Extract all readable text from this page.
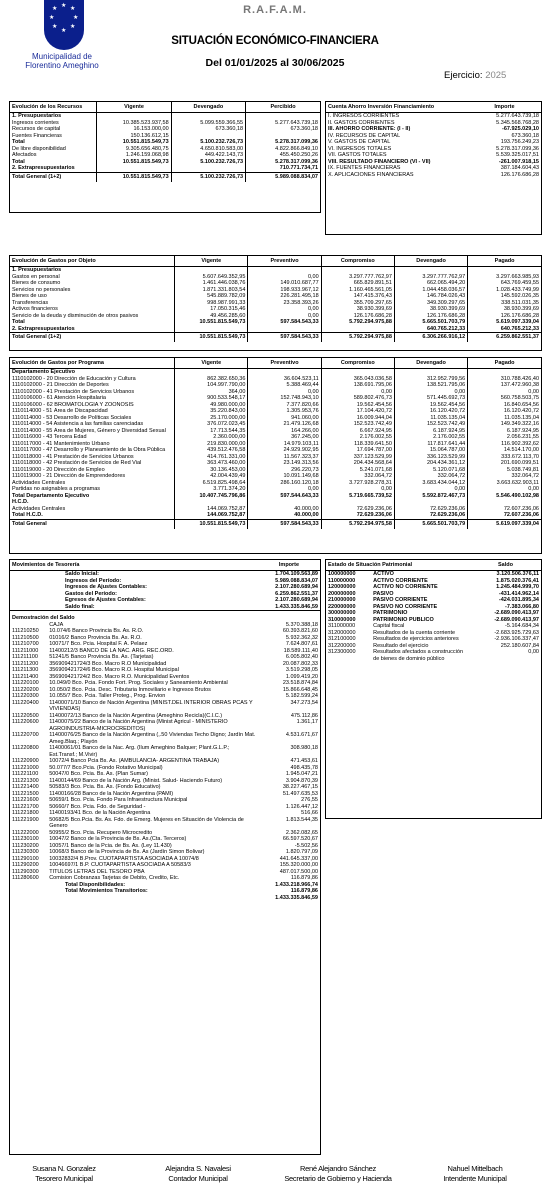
★ ★ ★
★	★
★ ★
★
Municipalidad de
Florentino Ameghino
R.A.F.A.M.
SITUACIÓN ECONÓMICO-FINANCIERA
Del 01/01/2025 al 30/06/2025
Ejercicio: 2025
Evolución de los Recursos	Vigente	Devengado	Percibido
1. Presupuestarios			
Ingresos corrientes	10.385.523.937,58	5.099.559.366,55	5.277.643.739,18
Recursos de capital	16.153.000,00	673.360,18	673.360,18
Fuentes Financieras	150.136.612,15		
Total	10.551.815.549,73	5.100.232.726,73	5.278.317.099,36
De libre disponibilidad	9.305.656.480,75	4.650.810.583,00	4.822.866.849,10
Afectados	1.246.159.068,98	449.422.143,73	455.450.250,26
Total	10.551.815.549,73	5.100.232.726,73	5.278.317.099,36
2. Extrapresupuestarios			710.771.734,71
Total General (1+2)	10.551.815.549,73	5.100.232.726,73	5.989.088.834,07
Cuenta Ahorro Inversión Financiamiento	Importe
I. INGRESOS CORRIENTES	5.277.643.739,18
II. GASTOS CORRIENTES	5.345.568.768,28
III. AHORRO CORRIENTE: (I - II)	-67.925.029,10

IV. RECURSOS DE CAPITAL	673.360,18
V. GASTOS DE CAPITAL	193.756.249,23

VI. INGRESOS TOTALES	5.278.317.099,36
VII. GASTOS TOTALES	5.539.325.017,51

VIII. RESULTADO FINANCIERO (VI - VII)	-261.007.918,15

IX. FUENTES FINANCIERAS	387.184.604,43
X. APLICACIONES FINANCIERAS	126.176.686,28
Evolución de Gastos por Objeto	Vigente	Preventivo	Compromiso	Devengado	Pagado
1. Presupuestarios					
Gastos en personal	5.607.649.352,95	0,00	3.297.777.762,97	3.297.777.762,97	3.297.663.985,93
Bienes de consumo	1.461.446.038,76	149.010.687,77	665.829.891,51	662.065.494,20	643.769.459,55
Servicios no personales	1.871.331.803,54	198.933.967,12	1.160.465.561,05	1.044.458.036,57	1.028.433.749,99
Bienes de uso	545.889.782,09	226.281.495,18	147.415.376,43	146.784.026,43	145.592.026,35
Transferencias	998.987.991,33	23.358.393,26	355.709.297,65	349.309.297,65	338.511.031,35
Activos financieros	17.050.315,46	0,00	38.930.399,69	38.930.399,69	38.930.399,69
Servicio de la deuda y disminución de otros pasivos	49.456.285,60	0,00	126.176.686,28	126.176.686,28	126.176.686,28
Total	10.551.815.549,73	597.584.543,33	5.792.294.975,88	5.665.501.703,79	5.619.097.339,04
2. Extrapresupuestarios				640.765.212,33	640.765.212,33

Total General (1+2)	10.551.815.549,73	597.584.543,33	5.792.294.975,88	6.306.266.916,12	6.259.862.551,37
Evolución de Gastos por Programa	Vigente	Preventivo	Compromiso	Devengado	Pagado
Departamento Ejecutivo					
1110102000 - 20 Dirección de Educación y Cultura	862.382.650,36	36.604.523,11	365.043.036,58	312.952.799,56	310.788.426,40
1110102000 - 21 Dirección de Deportes	104.997.790,00	5.388.469,44	138.691.795,06	138.521.795,06	137.472.960,38
1110102000 - 41 Prestación de Servicios Urbanos	364,00	0,00	0,00	0,00	0,00
1110106000 - 61 Atención Hospitalaria	900.533.548,17	152.748.943,10	589.802.476,73	571.445.692,73	560.758.503,75
1110106000 - 62 BROMATOLOGIA Y ZOONOSIS	49.980.000,00	7.377.820,66	19.562.454,56	19.562.454,56	16.840.654,56
1110114000 - 51 Área de Discapacidad	35.220.843,00	1.305.953,76	17.104.420,72	16.120.420,72	16.120.420,72
1110114000 - 53 Desarrollo de Políticas Sociales	25.170.000,00	941.060,00	16.009.944,04	11.035.135,04	11.035.135,04
1110114000 - 54 Asistencia a las familias carenciadas	376.072.023,45	21.479.126,68	152.523.742,49	152.523.742,49	149.349.322,16
1110114000 - 55 Área de Mujeres, Género y Diversidad Sexual	17.713.544,35	164.266,00	6.667.924,95	6.187.924,95	6.187.924,95
1110116000 - 43 Tercera Edad	2.360.000,00	367.245,00	2.176.002,55	2.176.002,55	2.056.231,55
1110117000 - 41 Mantenimiento Urbano	219.830.000,00	14.979.103,11	118.339.641,50	117.817.641,44	116.902.392,62
1110117000 - 47 Desarrollo y Planeamiento de la Obra Pública	439.512.476,58	24.929.902,95	17.694.787,00	15.064.787,00	14.514.170,00
1110118000 - 41 Prestación de Servicios Urbanos	414.761.331,00	11.567.323,37	337.123.529,99	336.123.529,99	333.672.113,70
1110118000 - 42 Prestación de Servicios de Red Vial	363.473.460,00	23.149.313,56	204.434.568,64	204.434.361,12	201.690.099,51
1110119000 - 20 Dirección de Empleo	30.136.453,00	296.220,73	5.241.071,68	5.120.071,68	5.038.749,81
1110119000 - 21 Dirección de Emprendedores	42.004.439,49	10.091.149,68	332.064,72	332.064,72	332.064,72
Actividades Centrales	6.519.825.498,64	286.160.120,18	3.727.928.278,31	3.683.434.044,12	3.663.632.903,11
Partidas no asignables a programas	3.771.374,20	0,00	0,00	0,00	0,00
Total Departamento Ejecutivo	10.407.745.796,86	597.544.643,33	5.719.665.739,52	5.592.872.467,73	5.546.490.102,98

H.C.D.					
Actividades Centrales	144.069.752,87	40.000,00	72.629.236,06	72.629.236,06	72.607.236,06
Total H.C.D.	144.069.752,87	40.000,00	72.629.236,06	72.629.236,06	72.607.236,06
Total General	10.551.815.549,73	597.584.543,33	5.792.294.975,58	5.665.501.703,79	5.619.097.339,04
Movimientos de Tesorería		Importe
Saldo Inicial:		1.704.109.563,89
Ingresos del Período:		5.989.088.834,07
Ingresos de Ajustes Contables:		2.107.280.689,94
Gastos del Período:		6.259.862.551,37
Egresos de Ajustes Contables:		2.107.280.689,94
Saldo final:		1.433.335.846,59
Demostración del Saldo		
	CAJA	5.370.388,18
111210250	10.074/6 Banco Provincia Bs. As. R.O.	60.393.821,60
111210500	01016/2 Banco Provincia Bs. As. R.O.	5.932.362,32
111210700	10071/7 Bco. Pcia. Hospital F. A. Pelaez	7.624.807,61
111211000	11400212/3 BANCO DE LA NAC. ARG. REC.ORD.	18.589.111,40
111211100	51241/5 Banco Provincia Bs. As. (Tarjetas)	6.005.802,40
111211200	356909421724/3 Bco. Macro R.O Municipalidad	20.087.802,33
111211300	356909421724/6 Bco. Macro R.O. Hospital Municipal	3.519.298,05
111211400	356909421724/2 Bco. Macro R.O. Municipalidad Eventos	1.099.419,20
111220100	10.049/0 Bco. Pcia. Fondo Fort. Prog. Sociales y Saneamiento Ambiental	23.518.874,84
111220200	10.050/2 Bco. Pcia. Desc. Tributaria Inmoviliario e Ingresos Brutos	15.866.648,45
111220300	10.055/7 Bco. Pcia. Taller Proteg., Prog. Envion	5.182.599,24
111220400	11400071/10 Banco de Nación Argentina (MINIST.DEL INTERIOR OBRAS PCAS Y VIVIENDAS)	347.273,54
111220500	11400072/13 Banco de la Nación Argentina (Ameghino Recicla)(C.I.C.)	475.112,86
111220600	11400075/22 Banco de la Nación Argentina (Minist Agricul - MINISTERIO AGROINDUSTRIA-MICROCREDITOS)	1.361,17
111220700	11400076/25 Banco de la Nación Argentina (,.50 Viviendas Techo Digno; Jardín Mat. Ameg.Blaq.; Playón	4.531.671,67
111220800	11400061/01 Banco de la Nac. Arg. (Ilum Ameghino Balquer; Plant.G.L.P.; Est.Transf.; M.Vivir)	308.980,18
111220900	10072/4 Banco Pcia Bs. As. (AMBULANCIA- ARGENTINA TRABAJA)	471.453,61
111221000	50.077/7 Bco.Pcia. (Fondo Rotativo Municipal)	498.435,78
111221100	50047/0 Bco. Pcia. Bs. As. (Plan Sumar)	1.945.047,21
111221300	11400144/69 Banco de la Nación Arg. (Minist. Salud- Haciendo Futuro)	3.904.870,39
111221400	50583/3 Bco. Pcia. Bs. As. (Fondo Educativo)	38.227.467,15
111221500	11400166/28 Banco de la Nación Argentina (PAMI)	51.497.635,53
111221600	50659/1 Bco. Pcia. Fondo Para Infraestructura Municipal	276,55
111221700	50660/7 Bco. Pcia. Fdo. de Seguridad -	1.126.447,12
111221800	11400193/41 Bco. de la Nación Argentina	516,66
111221900	50682/5 Bco.Pcia. Bs. As. Fdo. de Emerg. Mujeres en Situación de Violencia de Genero	1.813.544,35
111222000	50955/2 Bco. Pcia. Recupero Microcredito	2.362.082,65
111230100	10047/2 Banco de la Provincia de Bs. As.(Cta. Terceros)	66.597.520,67
111230200	10057/1 Banco de la Pcia. de Bs. As. (Ley 11.430)	-5.502,56
111230300	10068/3 Banco de la Provincia de Bs. As (Jardín Simon Bolivar)	1.820.797,09
111290100	10032832/4 B.Prov. CUOTAPARTISTA ASOCIADA A 10074/8	441.645.337,00
111290200	10046697/1 B.P. CUOTAPARTISTA ASOCIADA A 50583/3	155.320.000,00
111290300	TITULOS LETRAS DEL TESORO PBA	487.017.500,00
111280600	Comision Cobranzas Tarjetas de Debito, Credito, Etc.	116.879,86
Total Disponibilidades:		1.433.218.966,74
Total Movimientos Transitorios:		116.879,86
		1.433.335.846,59
Estado de Situación Patrimonial		Saldo
100000000	ACTIVO	3.120.506.376,11
110000000	ACTIVO CORRIENTE	1.875.020.376,41
120000000	ACTIVO NO CORRIENTE	1.245.484.999,70

200000000	PASIVO	-431.414.962,14

210000000	PASIVO CORRIENTE	-424.031.895,34
220000000	PASIVO NO CORRIENTE	-7.383.066,80

300000000	PATRIMONIO	-2.689.090.413,97

310000000	PATRIMONIO PUBLICO	-2.689.090.413,97
311000000	Capital fiscal	-5.164.684,34
312000000	Resultados de la cuenta corriente	-2.683.925.729,63
312100000	Resultados de ejercicios anteriores	-2.936.106.337,47
312200000	Resultado del ejercicio	252.180.607,84
312300000	Resultados afectados a construcción de bienes de dominio público	0,00
Susana N. Gonzalez
Tesorero Municipal
Alejandra S. Navalesi
Contador Municipal
René Alejandro Sánchez
Secretario de Gobierno y Hacienda
Nahuel Mittelbach
Intendente Municipal
